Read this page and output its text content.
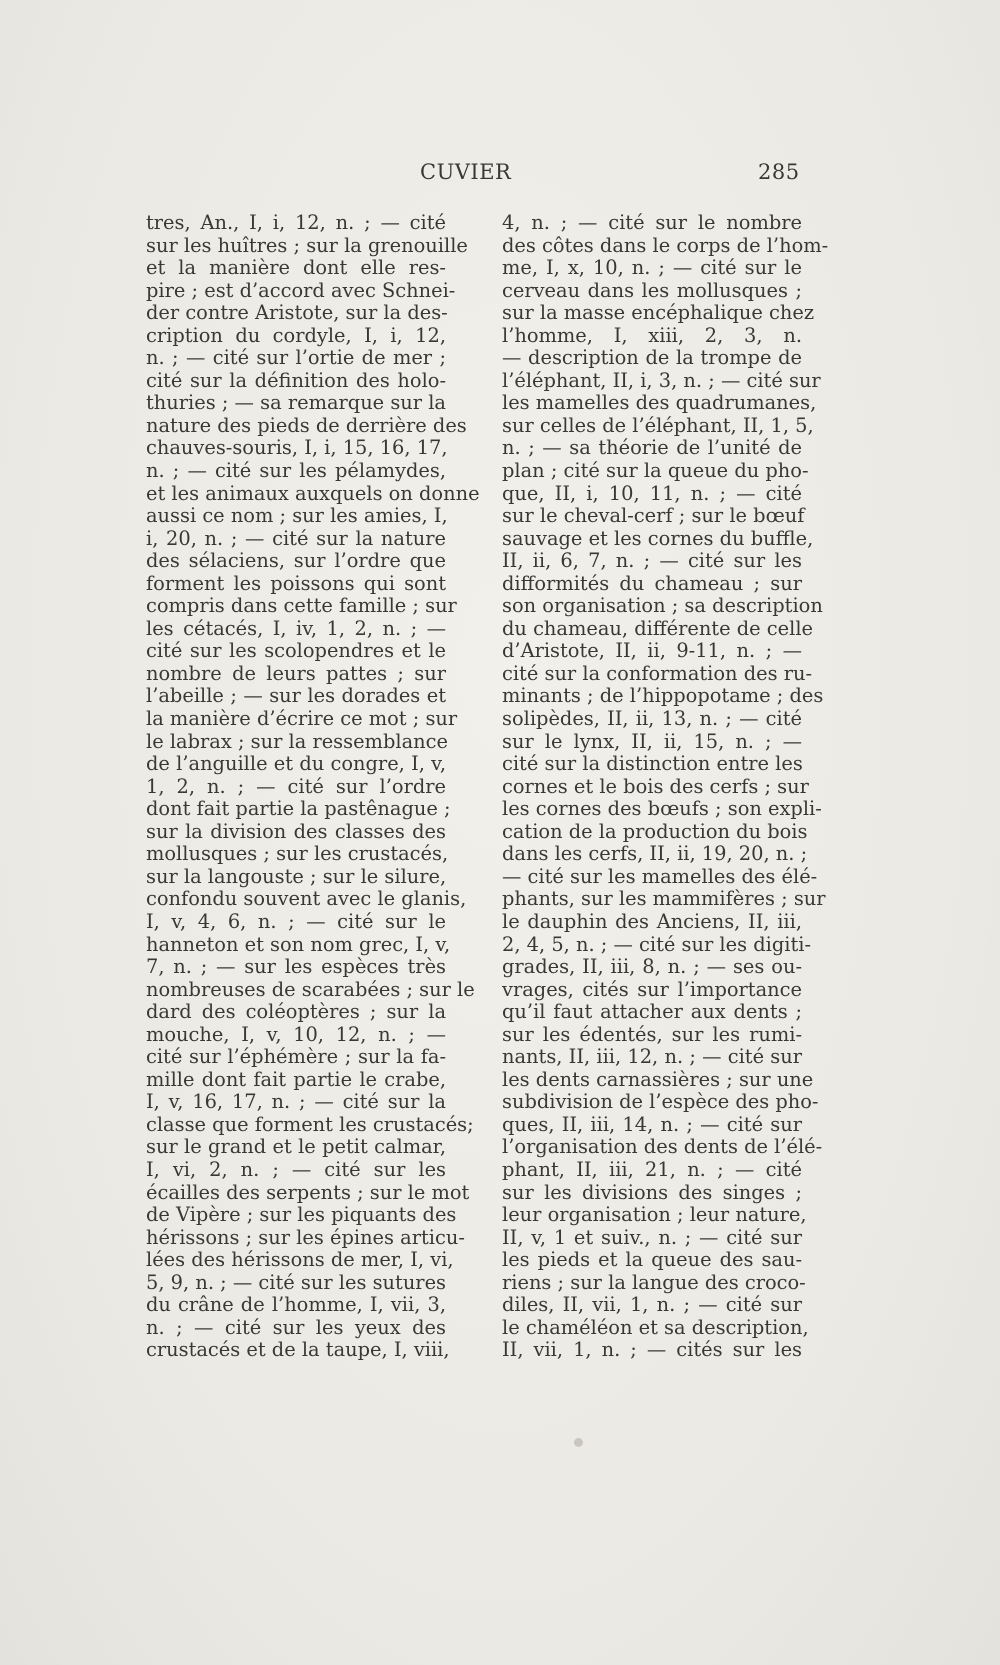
CUVIER	285
tres, An., I, i, 12, n. ; — cité
sur les huîtres ; sur la grenouille
et la manière dont elle res-
pire ; est d’accord avec Schnei-
der contre Aristote, sur la des-
cription du cordyle, I, i, 12,
n. ; — cité sur l’ortie de mer ;
cité sur la définition des holo-
thuries ; — sa remarque sur la
nature des pieds de derrière des
chauves-souris, I, i, 15, 16, 17,
n. ; — cité sur les pélamydes,
et les animaux auxquels on donne
aussi ce nom ; sur les amies, I,
i, 20, n. ; — cité sur la nature
des sélaciens, sur l’ordre que
forment les poissons qui sont
compris dans cette famille ; sur
les cétacés, I, iv, 1, 2, n. ; —
cité sur les scolopendres et le
nombre de leurs pattes ; sur
l’abeille ; — sur les dorades et
la manière d’écrire ce mot ; sur
le labrax ; sur la ressemblance
de l’anguille et du congre, I, v,
1, 2, n. ; — cité sur l’ordre
dont fait partie la pastênague ;
sur la division des classes des
mollusques ; sur les crustacés,
sur la langouste ; sur le silure,
confondu souvent avec le glanis,
I, v, 4, 6, n. ; — cité sur le
hanneton et son nom grec, I, v,
7, n. ; — sur les espèces très
nombreuses de scarabées ; sur le
dard des coléoptères ; sur la
mouche, I, v, 10, 12, n. ; —
cité sur l’éphémère ; sur la fa-
mille dont fait partie le crabe,
I, v, 16, 17, n. ; — cité sur la
classe que forment les crustacés;
sur le grand et le petit calmar,
I, vi, 2, n. ; — cité sur les
écailles des serpents ; sur le mot
de Vipère ; sur les piquants des
hérissons ; sur les épines articu-
lées des hérissons de mer, I, vi,
5, 9, n. ; — cité sur les sutures
du crâne de l’homme, I, vii, 3,
n. ; — cité sur les yeux des
crustacés et de la taupe, I, viii,
4, n. ; — cité sur le nombre
des côtes dans le corps de l’hom-
me, I, x, 10, n. ; — cité sur le
cerveau dans les mollusques ;
sur la masse encéphalique chez
l’homme, I, xiii, 2, 3, n.
— description de la trompe de
l’éléphant, II, i, 3, n. ; — cité sur
les mamelles des quadrumanes,
sur celles de l’éléphant, II, 1, 5,
n. ; — sa théorie de l’unité de
plan ; cité sur la queue du pho-
que, II, i, 10, 11, n. ; — cité
sur le cheval-cerf ; sur le bœuf
sauvage et les cornes du buffle,
II, ii, 6, 7, n. ; — cité sur les
difformités du chameau ; sur
son organisation ; sa description
du chameau, différente de celle
d’Aristote, II, ii, 9-11, n. ; —
cité sur la conformation des ru-
minants ; de l’hippopotame ; des
solipèdes, II, ii, 13, n. ; — cité
sur le lynx, II, ii, 15, n. ; —
cité sur la distinction entre les
cornes et le bois des cerfs ; sur
les cornes des bœufs ; son expli-
cation de la production du bois
dans les cerfs, II, ii, 19, 20, n. ;
— cité sur les mamelles des élé-
phants, sur les mammifères ; sur
le dauphin des Anciens, II, iii,
2, 4, 5, n. ; — cité sur les digiti-
grades, II, iii, 8, n. ; — ses ou-
vrages, cités sur l’importance
qu’il faut attacher aux dents ;
sur les édentés, sur les rumi-
nants, II, iii, 12, n. ; — cité sur
les dents carnassières ; sur une
subdivision de l’espèce des pho-
ques, II, iii, 14, n. ; — cité sur
l’organisation des dents de l’élé-
phant, II, iii, 21, n. ; — cité
sur les divisions des singes ;
leur organisation ; leur nature,
II, v, 1 et suiv., n. ; — cité sur
les pieds et la queue des sau-
riens ; sur la langue des croco-
diles, II, vii, 1, n. ; — cité sur
le chaméléon et sa description,
II, vii, 1, n. ; — cités sur les
